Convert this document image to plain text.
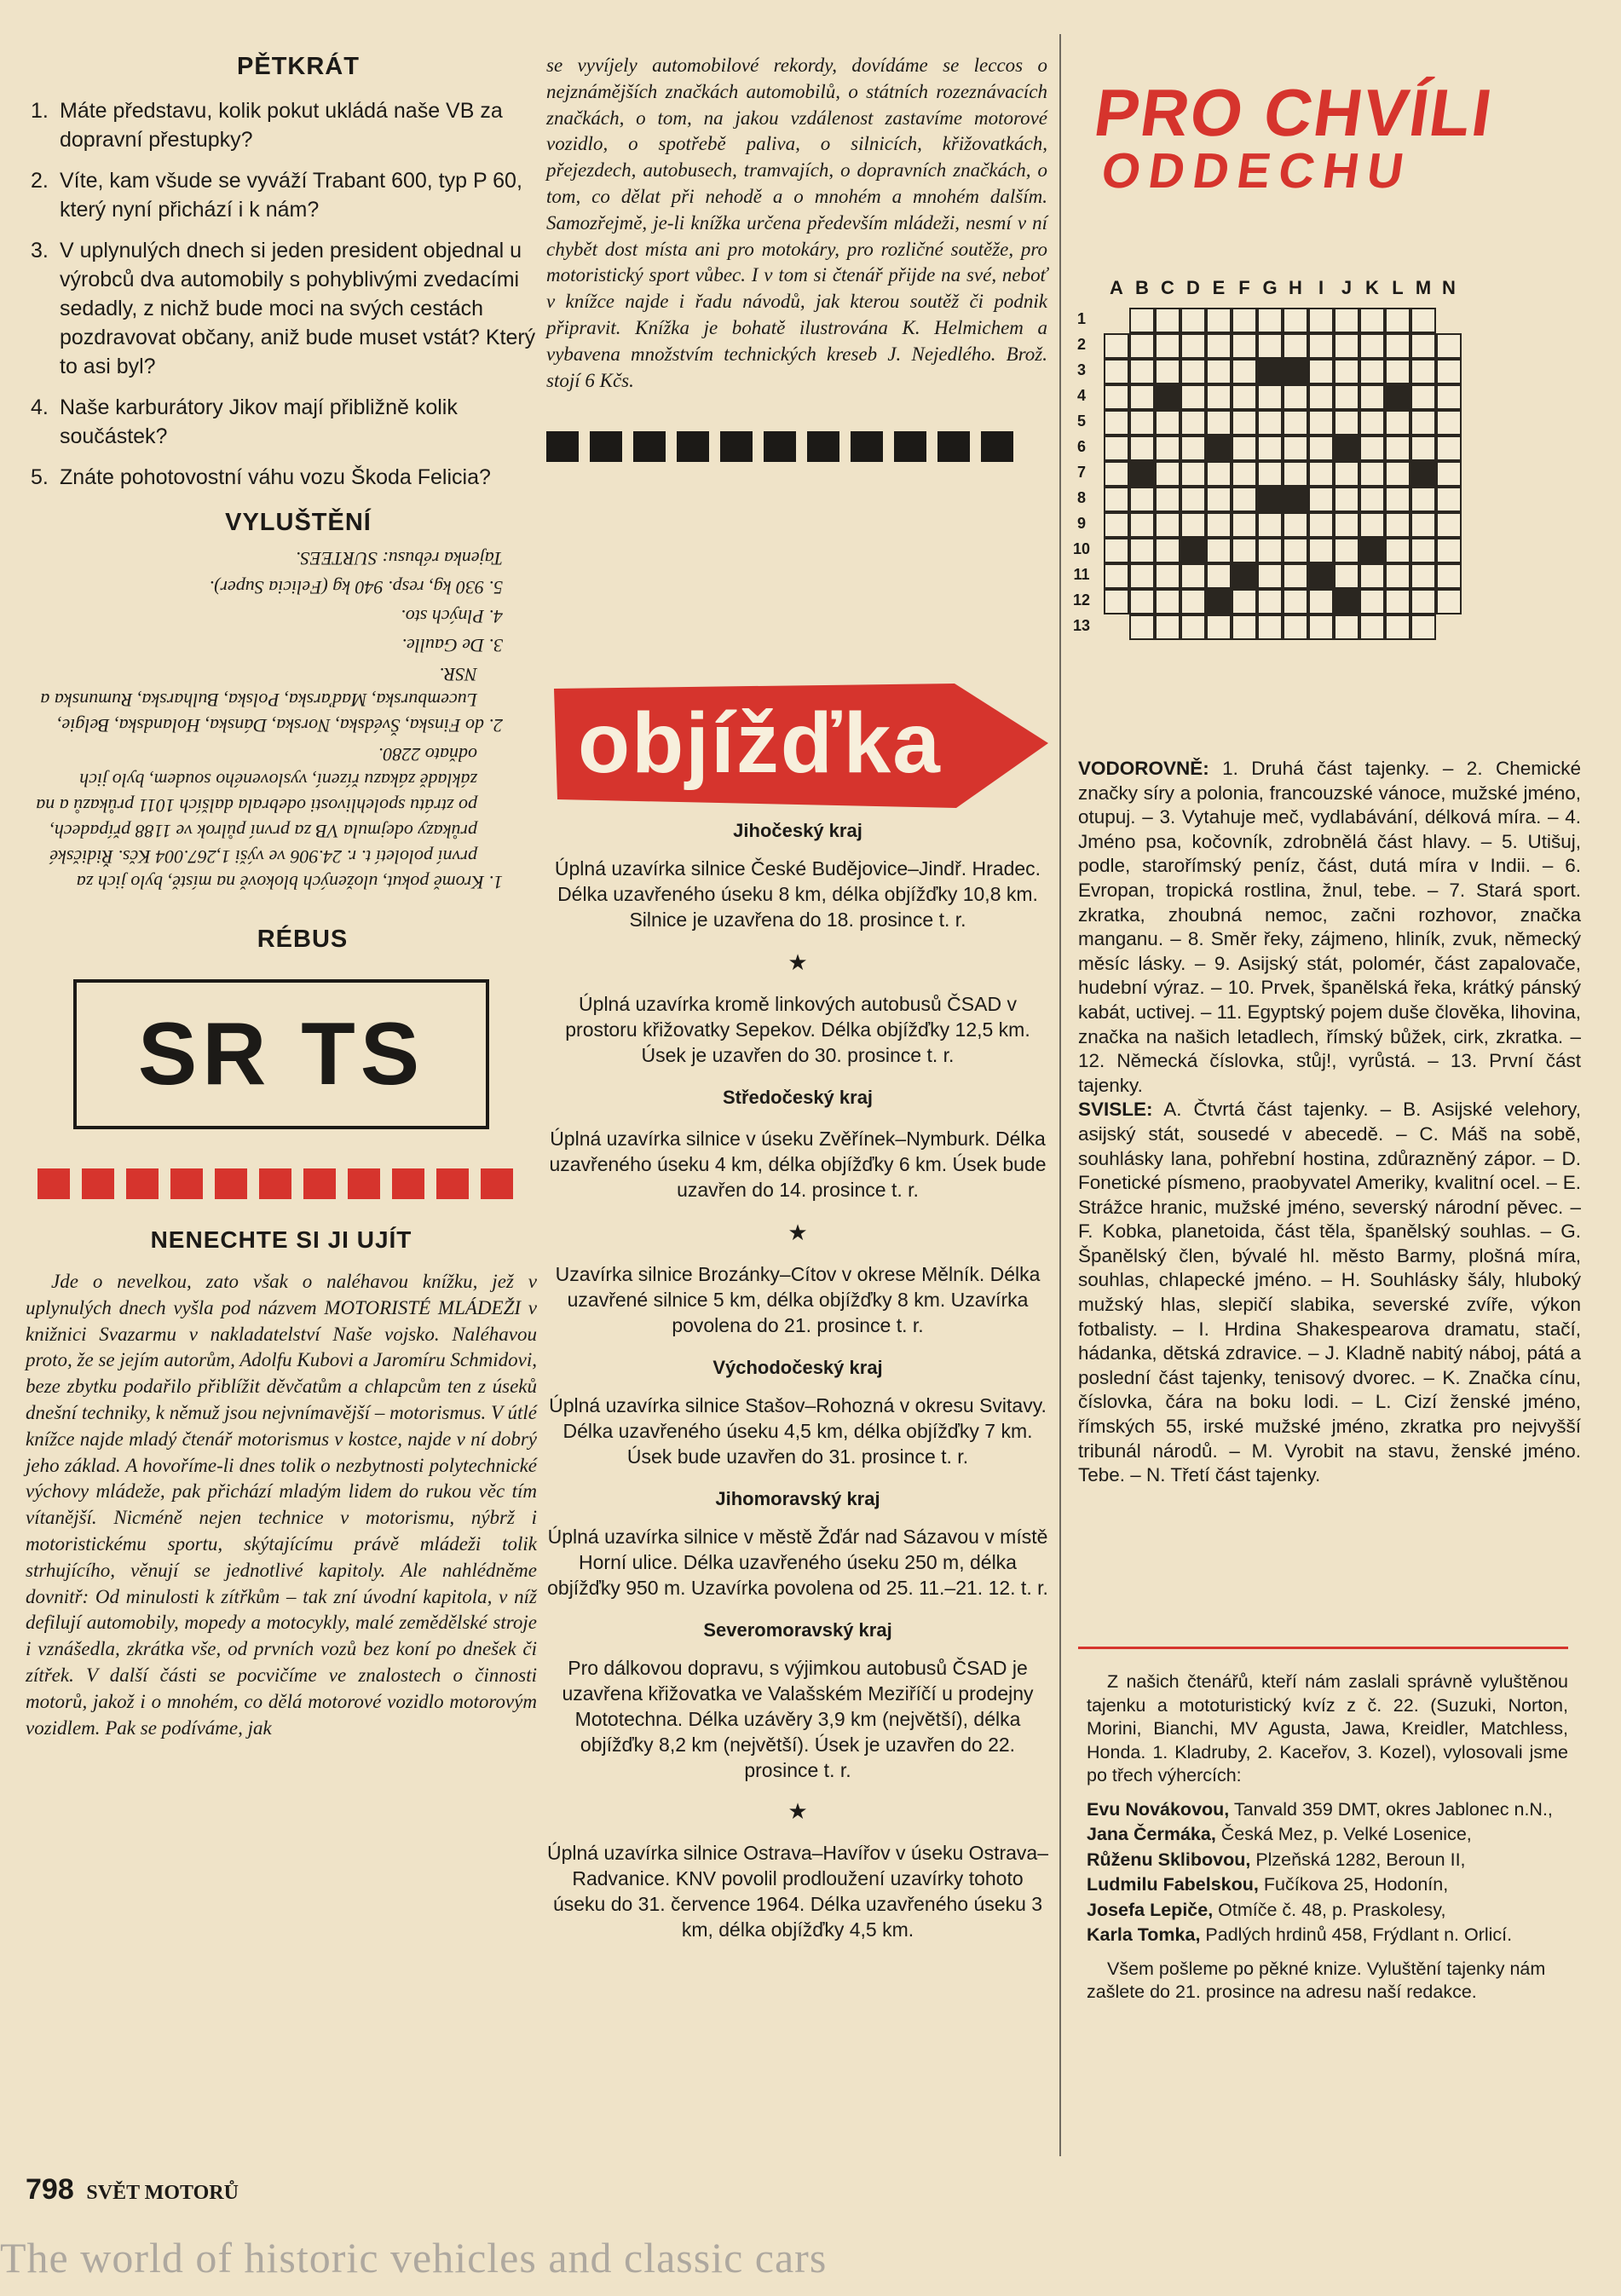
PĚTKRÁT
1. Máte představu, kolik pokut ukládá naše VB za dopravní přestupky?
2. Víte, kam všude se vyváží Trabant 600, typ P 60, který nyní přichází i k nám?
3. V uplynulých dnech si jeden president objednal u výrobců dva automobily s pohyblivými zvedacími sedadly, z nichž bude moci na svých cestách pozdravovat občany, aniž bude muset vstát? Který to asi byl?
4. Naše karburátory Jikov mají přibližně kolik součástek?
5. Znáte pohotovostní váhu vozu Škoda Felicia?
VYLUŠTĚNÍ

1. Kromě pokut, uložených blokově na místě, bylo jich za první pololetí t. r. 24.906 ve výši 1,267.004 Kčs. Řidičské průkazy odejmula VB za první půlrok ve 1188 případech, po ztrátu spolehlivosti odebrala dalších 1011 průkazů a na základě zákazu řízení, vysloveného soudem, bylo jich odňato 2280.

2. do Finska, Švédska, Norska, Dánska, Holandska, Belgie, Lucemburska, Maďarska, Polska, Bulharska, Rumunska a NSR.

3. De Gaulle.

4. Plných sto.

5. 930 kg, resp. 940 kg (Felicia Super).

Tajenka rébusu: SURTEES.

RÉBUS
SR TS
NENECHTE SI JI UJÍT

Jde o nevelkou, zato však o naléhavou knížku, jež v uplynulých dnech vyšla pod názvem MOTORISTÉ MLÁDEŽI v knižnici Svazarmu v nakladatelství Naše vojsko. Naléhavou proto, že se jejím autorům, Adolfu Kubovi a Jaromíru Schmidovi, beze zbytku podařilo přiblížit děvčatům a chlapcům ten z úseků dnešní techniky, k němuž jsou nejvnímavější – motorismus. V útlé knížce najde mladý čtenář motorismus v kostce, najde v ní dobrý jeho základ. A hovoříme-li dnes tolik o nezbytnosti polytechnické výchovy mládeže, pak přichází mladým lidem do rukou věc tím vítanější. Nicméně nejen technice v motorismu, nýbrž i motoristickému sportu, skýtajícímu právě mládeži tolik strhujícího, věnují se jednotlivé kapitoly. Ale nahlédněme dovnitř: Od minulosti k zítřkům – tak zní úvodní kapitola, v níž defilují automobily, mopedy a motocykly, malé zemědělské stroje i vznášedla, zkrátka vše, od prvních vozů bez koní po dnešek či zítřek. V další části se pocvičíme ve znalostech o činnosti motorů, jakož i o mnohém, co dělá motorové vozidlo motorovým vozidlem. Pak se podíváme, jak

se vyvíjely automobilové rekordy, dovídáme se leccos o nejznámějších značkách automobilů, o státních rozeznávacích značkách, o tom, na jakou vzdálenost zastavíme motorové vozidlo, o spotřebě paliva, o silnicích, křižovatkách, přejezdech, autobusech, tramvajích, o dopravních značkách, o tom, co dělat při nehodě a o mnohém a mnohém dalším. Samozřejmě, je-li knížka určena především mládeži, nesmí v ní chybět dost místa ani pro motokáry, pro rozličné soutěže, pro motoristický sport vůbec. I v tom si čtenář přijde na své, neboť v knížce najde i řadu návodů, jak kterou soutěž či podnik připravit. Knížka je bohatě ilustrována K. Helmichem a vybavena množstvím technických kreseb J. Nejedlého. Brož. stojí 6 Kčs.

objížďka

Jihočeský kraj

Úplná uzavírka silnice České Budějovice–Jindř. Hradec. Délka uzavřeného úseku 8 km, délka objížďky 10,8 km. Silnice je uzavřena do 18. prosince t. r.

★

Úplná uzavírka kromě linkových autobusů ČSAD v prostoru křižovatky Sepekov. Délka objížďky 12,5 km. Úsek je uzavřen do 30. prosince t. r.

Středočeský kraj

Úplná uzavírka silnice v úseku Zvěřínek–Nymburk. Délka uzavřeného úseku 4 km, délka objížďky 6 km. Úsek bude uzavřen do 14. prosince t. r.

★

Uzavírka silnice Brozánky–Cítov v okrese Mělník. Délka uzavřené silnice 5 km, délka objížďky 8 km. Uzavírka povolena do 21. prosince t. r.

Východočeský kraj

Úplná uzavírka silnice Stašov–Rohozná v okresu Svitavy. Délka uzavřeného úseku 4,5 km, délka objížďky 7 km. Úsek bude uzavřen do 31. prosince t. r.

Jihomoravský kraj

Úplná uzavírka silnice v městě Žďár nad Sázavou v místě Horní ulice. Délka uzavřeného úseku 250 m, délka objížďky 950 m. Uzavírka povolena od 25. 11.–21. 12. t. r.

Severomoravský kraj

Pro dálkovou dopravu, s výjimkou autobusů ČSAD je uzavřena křižovatka ve Valašském Meziříčí u prodejny Mototechna. Délka uzávěry 3,9 km (největší), délka objížďky 8,2 km (největší). Úsek je uzavřen do 22. prosince t. r.

★

Úplná uzavírka silnice Ostrava–Havířov v úseku Ostrava–Radvanice. KNV povolil prodloužení uzavírky tohoto úseku do 31. července 1964. Délka uzavřeného úseku 3 km, délka objížďky 4,5 km.

PRO CHVÍLI
ODDECHU
A B C D E F G H I J K L M N
1
2
3
4
5
6
7
8
9
10
11
12
13

VODOROVNĚ: 1. Druhá část tajenky. – 2. Chemické značky síry a polonia, francouzské vánoce, mužské jméno, otupuj. – 3. Vytahuje meč, vydlabávání, délková míra. – 4. Jméno psa, kočovník, zdrobnělá část hlavy. – 5. Utišuj, podle, starořímský peníz, část, dutá míra v Indii. – 6. Evropan, tropická rostlina, žnul, tebe. – 7. Stará sport. zkratka, zhoubná nemoc, začni rozhovor, značka manganu. – 8. Směr řeky, zájmeno, hliník, zvuk, německý měsíc lásky. – 9. Asijský stát, polomér, část zapalovače, hudební výraz. – 10. Prvek, španělská řeka, krátký pánský kabát, uctivej. – 11. Egyptský pojem duše člověka, lihovina, značka na našich letadlech, římský bůžek, cirk, zkratka. – 12. Německá číslovka, stůj!, vyrůstá. – 13. První část tajenky.

SVISLE: A. Čtvrtá část tajenky. – B. Asijské velehory, asijský stát, sousedé v abecedě. – C. Máš na sobě, souhlásky lana, pohřební hostina, zdůrazněný zápor. – D. Fonetické písmeno, praobyvatel Ameriky, kvalitní ocel. – E. Strážce hranic, mužské jméno, severský národní pěvec. – F. Kobka, planetoida, část těla, španělský souhlas. – G. Španělský člen, bývalé hl. město Barmy, plošná míra, souhlas, chlapecké jméno. – H. Souhlásky šály, hluboký mužský hlas, slepičí slabika, severské zvíře, výkon fotbalisty. – I. Hrdina Shakespearova dramatu, stačí, hádanka, dětská zdravice. – J. Kladně nabitý náboj, pátá a poslední část tajenky, tenisový dvorec. – K. Značka cínu, číslovka, čára na boku lodi. – L. Cizí ženské jméno, římských 55, irské mužské jméno, zkratka pro nejvyšší tribunál národů. – M. Vyrobit na stavu, ženské jméno. Tebe. – N. Třetí část tajenky.

Z našich čtenářů, kteří nám zaslali správně vyluštěnou tajenku a mototuristický kvíz z č. 22. (Suzuki, Norton, Morini, Bianchi, MV Agusta, Jawa, Kreidler, Matchless, Honda. 1. Kladruby, 2. Kaceřov, 3. Kozel), vylosovali jsme po třech výhercích:

Evu Novákovou, Tanvald 359 DMT, okres Jablonec n.N.,

Jana Čermáka, Česká Mez, p. Velké Losenice,

Růženu Sklibovou, Plzeňská 1282, Beroun II,

Ludmilu Fabelskou, Fučíkova 25, Hodonín,

Josefa Lepiče, Otmíče č. 48, p. Praskolesy,

Karla Tomka, Padlých hrdinů 458, Frýdlant n. Orlicí.

Všem pošleme po pěkné knize. Vyluštění tajenky nám zašlete do 21. prosince na adresu naší redakce.

798 SVĚT MOTORŮ
The world of historic vehicles and classic cars
